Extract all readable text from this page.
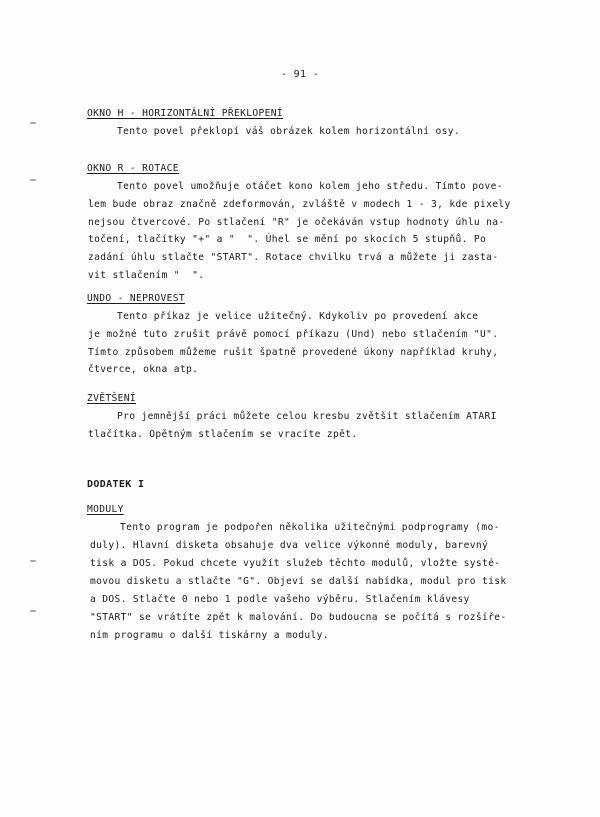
- 91 -
OKNO H - HORIZONTÁLNÍ PŘEKLOPENÍ
Tento povel překlopí váš obrázek kolem horizontální osy.
OKNO R - ROTACE
Tento povel umožňuje otáčet kono kolem jeho středu. Tímto pove-
lem bude obraz značně zdeformován, zvláště v modech 1 - 3, kde pixely
nejsou čtvercové. Po stlačení "R" je očekáván vstup hodnoty úhlu na-
točení, tlačítky "+" a "  ". Úhel se mění po skocích 5 stupňů. Po
zadání úhlu stlačte "START". Rotace chvilku trvá a můžete ji zasta-
vit stlačením "  ".
UNDO - NEPROVEST
Tento příkaz je velice užitečný. Kdykoliv po provedení akce
je možné tuto zrušit právě pomocí příkazu (Und) nebo stlačením "U".
Tímto způsobem můžeme rušit špatně provedené úkony například kruhy,
čtverce, okna atp.
ZVĚTŠENÍ
Pro jemnější práci můžete celou kresbu zvětšit stlačením ATARI
tlačítka. Opětným stlačením se vracíte zpět.
DODATEK I
MODULY
Tento program je podpořen několika užitečnými podprogramy (mo-
duly). Hlavní disketa obsahuje dva velice výkonné moduly, barevný
tisk a DOS. Pokud chcete využít služeb těchto modulů, vložte systé-
movou disketu a stlačte "G". Objeví se další nabídka, modul pro tisk
a DOS. Stlačte 0 nebo 1 podle vašeho výběru. Stlačením klávesy
"START" se vrátíte zpět k malování. Do budoucna se počítá s rozšíře-
ním programu o další tiskárny a moduly.
